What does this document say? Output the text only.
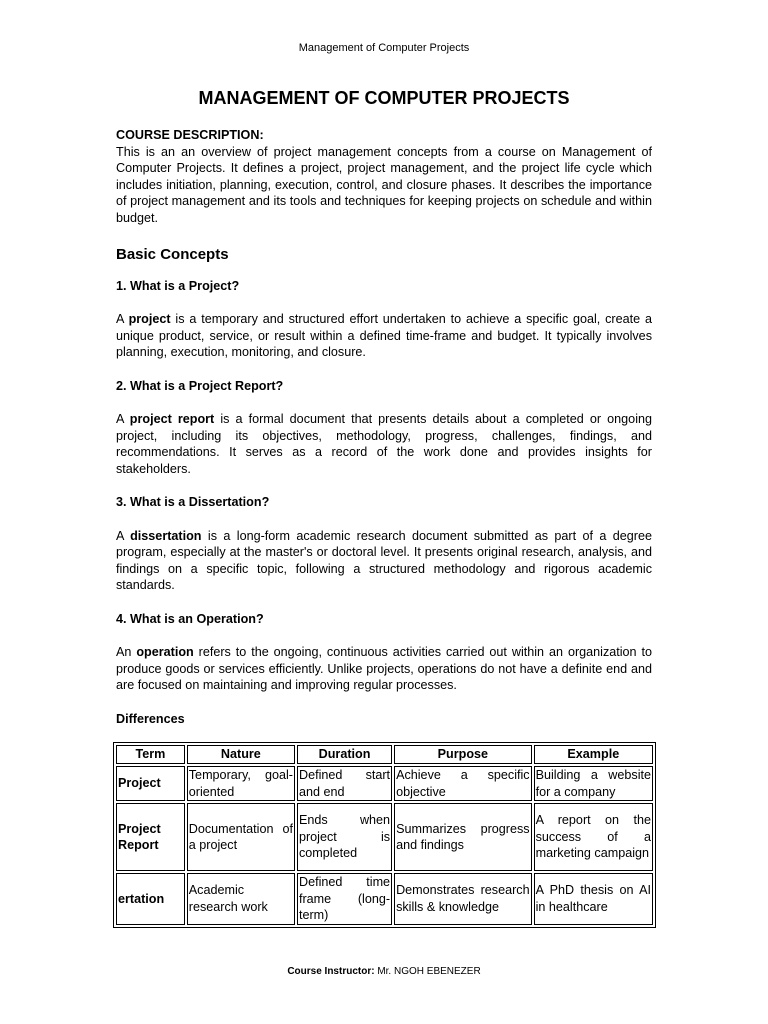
Management of Computer Projects
MANAGEMENT OF COMPUTER PROJECTS

COURSE DESCRIPTION:
This is an an overview of project management concepts from a course on Management of Computer Projects. It defines a project, project management, and the project life cycle which includes initiation, planning, execution, control, and closure phases. It describes the importance of project management and its tools and techniques for keeping projects on schedule and within budget.

Basic Concepts

1. What is a Project?

A project is a temporary and structured effort undertaken to achieve a specific goal, create a unique product, service, or result within a defined time-frame and budget. It typically involves planning, execution, monitoring, and closure.

2. What is a Project Report?

A project report is a formal document that presents details about a completed or ongoing project, including its objectives, methodology, progress, challenges, findings, and recommendations. It serves as a record of the work done and provides insights for stakeholders.

3. What is a Dissertation?

A dissertation is a long-form academic research document submitted as part of a degree program, especially at the master's or doctoral level. It presents original research, analysis, and findings on a specific topic, following a structured methodology and rigorous academic standards.

4. What is an Operation?

An operation refers to the ongoing, continuous activities carried out within an organization to produce goods or services efficiently. Unlike projects, operations do not have a definite end and are focused on maintaining and improving regular processes.

Differences

Term	Nature	Duration	Purpose	Example
Project	Temporary, goal-oriented	Defined start and end	Achieve a specific objective	Building a website for a company
Project Report	Documentation of a project	Ends when project is completed	Summarizes progress and findings	A report on the success of a marketing campaign
ertation	Academic research work	Defined time frame (long-term)	Demonstrates research skills & knowledge	A PhD thesis on AI in healthcare
Course Instructor: Mr. NGOH EBENEZER
